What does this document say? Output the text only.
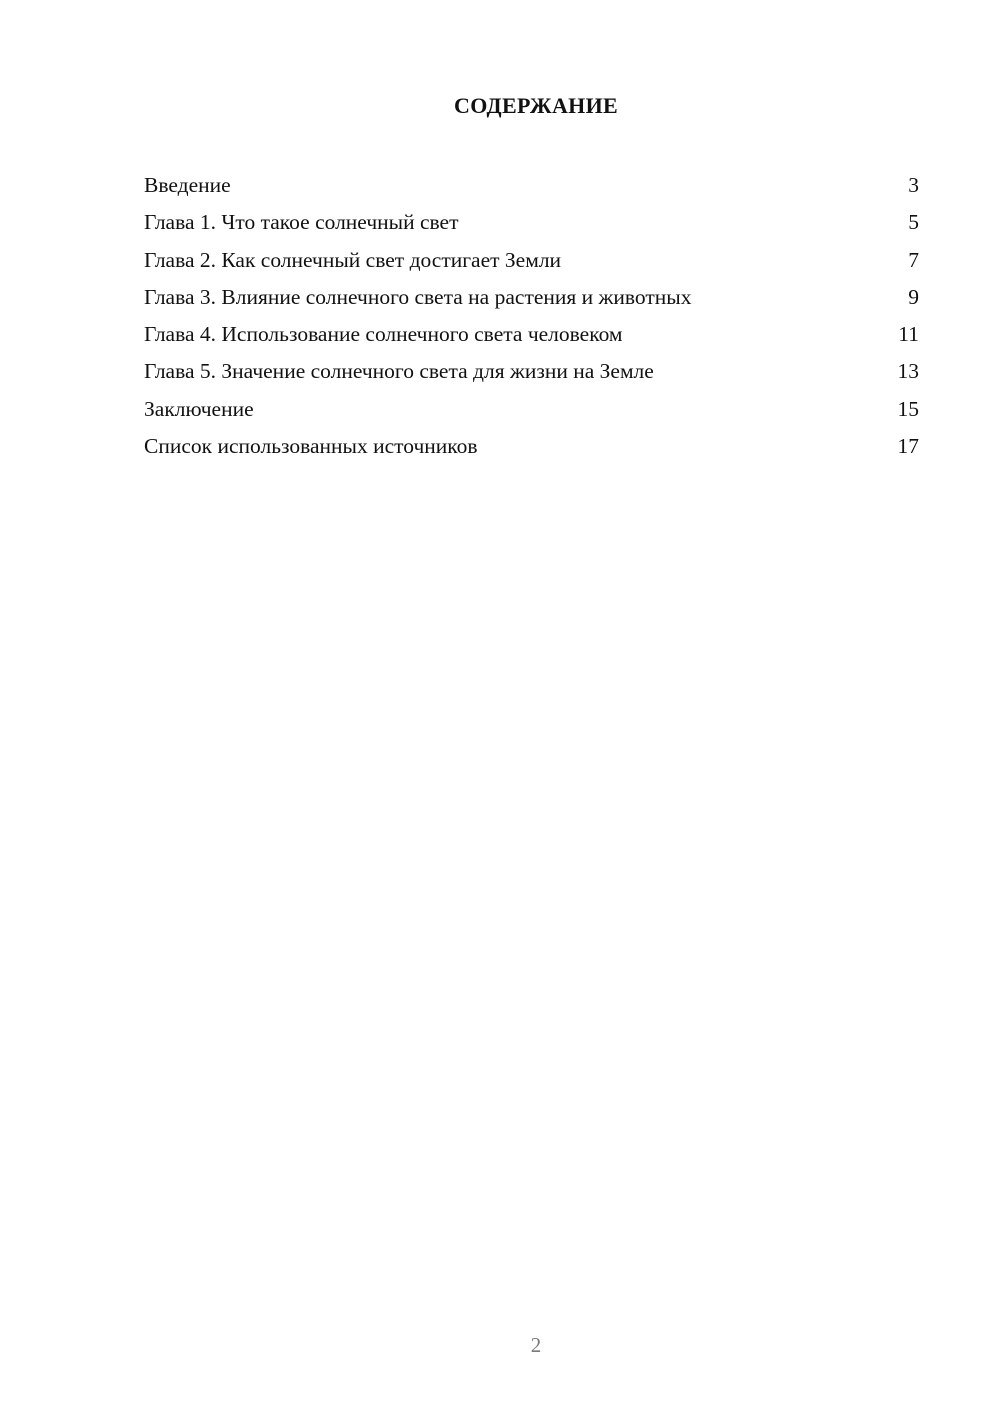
СОДЕРЖАНИЕ
Введение	3
Глава 1. Что такое солнечный свет	5
Глава 2. Как солнечный свет достигает Земли	7
Глава 3. Влияние солнечного света на растения и животных	9
Глава 4. Использование солнечного света человеком	11
Глава 5. Значение солнечного света для жизни на Земле	13
Заключение	15
Список использованных источников	17
2
